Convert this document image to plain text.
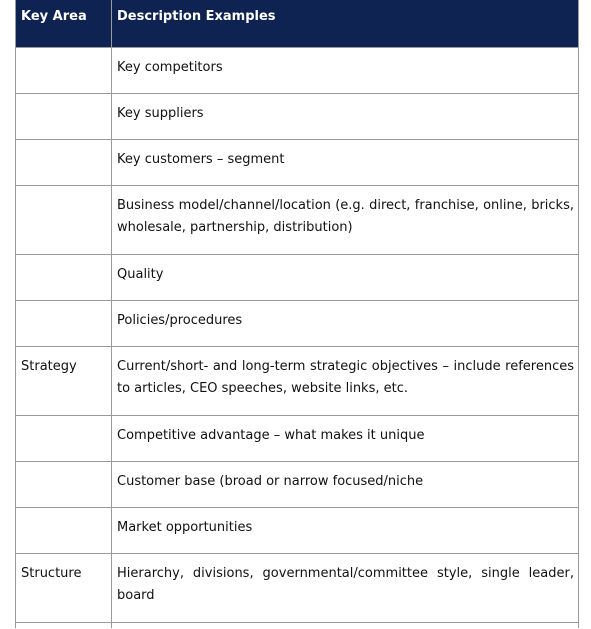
Key Area	Description Examples
	Key competitors
	Key suppliers
	Key customers – segment
	Business model/channel/location (e.g. direct, franchise, online, bricks, wholesale, partnership, distribution)
	Quality
	Policies/procedures
Strategy	Current/short- and long-term strategic objectives – include references to articles, CEO speeches, website links, etc.
	Competitive advantage – what makes it unique
	Customer base (broad or narrow focused/niche
	Market opportunities
Structure	Hierarchy, divisions, governmental/committee style, single leader, board
